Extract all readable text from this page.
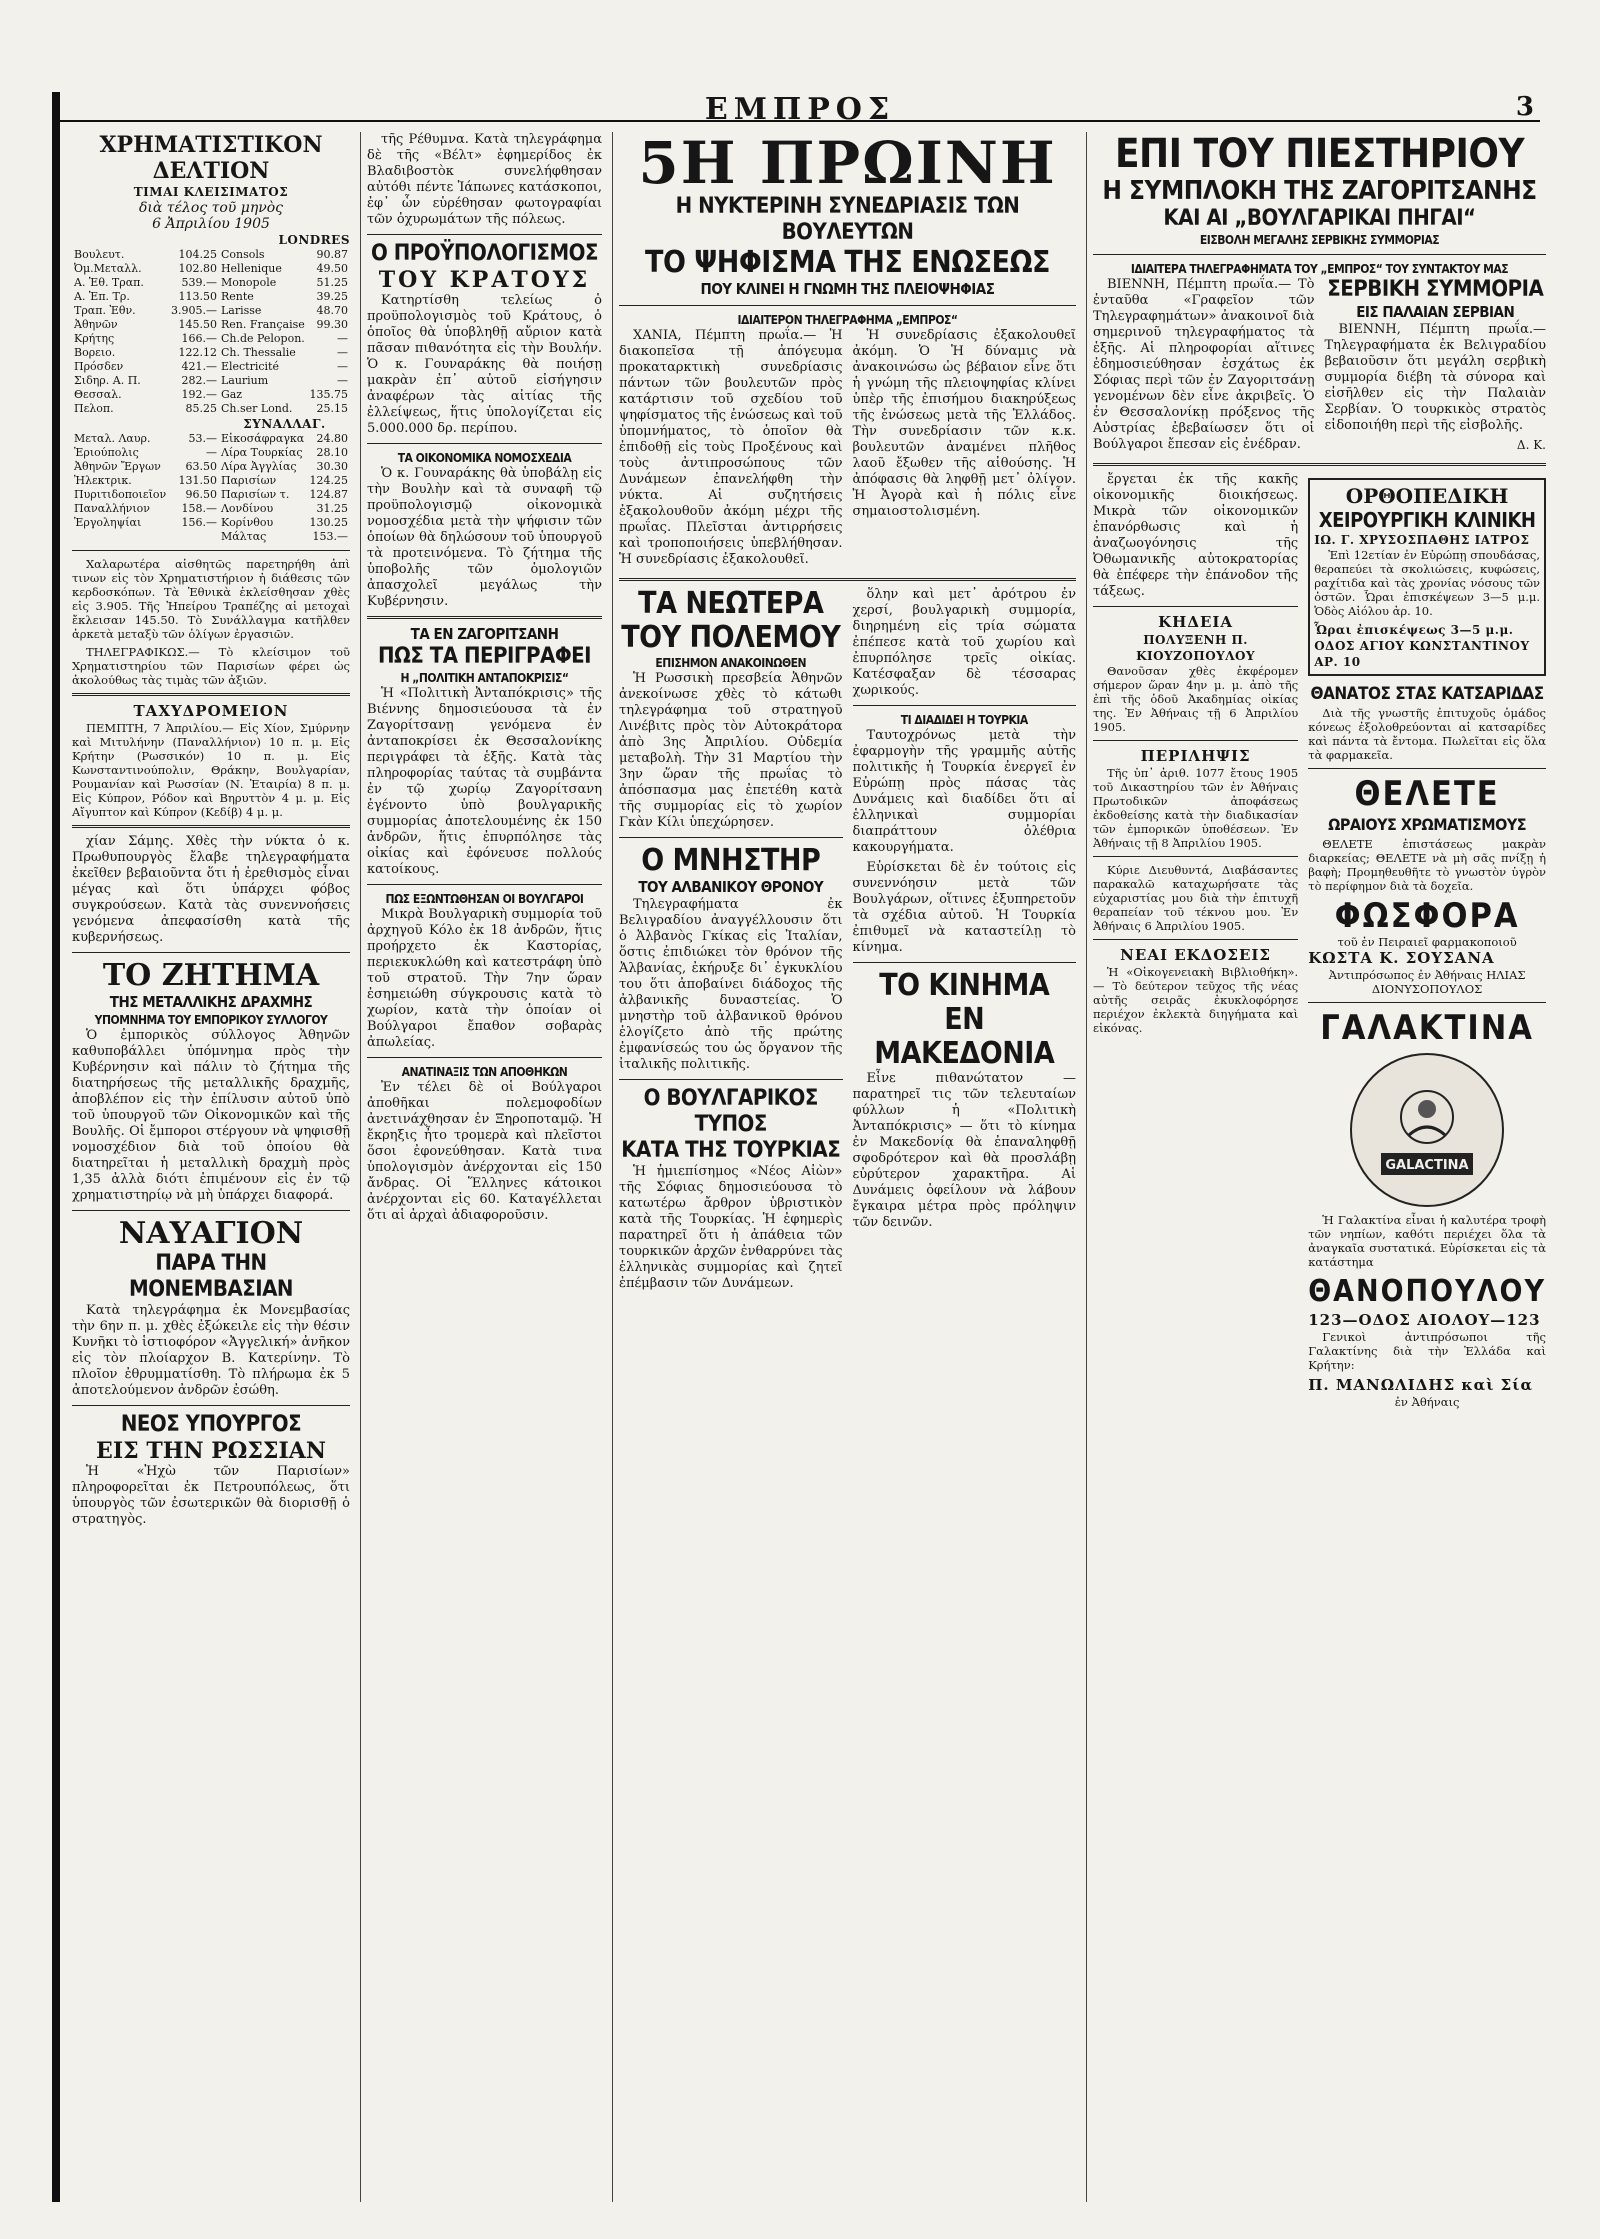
ΕΜΠΡΟΣ	3
ΧΡΗΜΑΤΙΣΤΙΚΟΝ ΔΕΛΤΙΟΝ
ΤΙΜΑΙ ΚΛΕΙΣΙΜΑΤΟΣ
διὰ τέλος τοῦ μηνὸς
6 Ἀπριλίου 1905
LONDRES
Βουλευτ.	104.25	Consols	90.87
Ὀμ.Μεταλλ.	102.80	Hellenique	49.50
Α. Ἐθ. Τραπ.	539.—	Monopole	51.25
Α. Ἐπ. Τρ.	113.50	Rente	39.25
Τραπ. Ἐθν.	3.905.—	Larisse	48.70
Ἀθηνῶν	145.50	Ren. Française	99.30
Κρήτης	166.—	Ch.de Pelopon.	—
Βορειο.	122.12	Ch. Thessalie	—
Πρόσδεν	421.—	Electricité	—
Σιδηρ. Α. Π.	282.—	Laurium	—
Θεσσαλ.	192.—	Gaz	135.75
Πελοπ.	85.25	Ch.ser Lond.	25.15
		ΣΥΝΑΛΛΑΓ.	
Μεταλ. Λαυρ.	53.—	Εἰκοσάφραγκα	24.80
Ἐριούπολις	—	Λίρα Τουρκίας	28.10
Ἀθηνῶν Ἔργων	63.50	Λίρα Ἀγγλίας	30.30
Ἠλεκτρικ.	131.50	Παρισίων	124.25
Πυριτιδοποιεῖον	96.50	Παρισίων τ.	124.87
Παναλλήνιον	158.—	Λονδίνου	31.25
Ἐργοληψίαι	156.—	Κορίνθου	130.25
		Μάλτας	153.—

Χαλαρωτέρα αἰσθητῶς παρετηρήθη ἀπὶ τινων εἰς τὸν Χρηματιστήριον ἡ διάθεσις τῶν κερδοσκόπων. Τὰ Ἐθνικὰ ἐκλείσθησαν χθὲς εἰς 3.905. Τῆς Ἠπείρου Τραπέζης αἱ μετοχαὶ ἔκλεισαν 145.50. Τὸ Συνάλλαγμα κατῆλθεν ἀρκετὰ μεταξὺ τῶν ὁλίγων ἐργασιῶν.

ΤΗΛΕΓΡΑΦΙΚΩΣ.— Τὸ κλείσιμον τοῦ Χρηματιστηρίου τῶν Παρισίων φέρει ὡς ἀκολούθως τὰς τιμὰς τῶν ἀξιῶν.

ΤΑΧΥΔΡΟΜΕΙΟΝ

ΠΕΜΠΤΗ, 7 Ἀπριλίου.— Εἰς Χίον, Σμύρνην καὶ Μιτυλήνην (Παναλλήνιον) 10 π. μ. Εἰς Κρήτην (Ρωσσικόν) 10 π. μ. Εἰς Κωνσταντινούπολιν, Θράκην, Βουλγαρίαν, Ρουμανίαν καὶ Ρωσσίαν (Ν. Ἑταιρία) 8 π. μ. Εἰς Κύπρον, Ρόδον καὶ Βηρυττὸν 4 μ. μ. Εἰς Αἴγυπτον καὶ Κύπρον (Κεδίβ) 4 μ. μ.

χίαν Σάμης. Χθὲς τὴν νύκτα ὁ κ. Πρωθυπουργὸς ἔλαβε τηλεγραφήματα ἐκεῖθεν βεβαιοῦντα ὅτι ἡ ἐρεθισμὸς εἶναι μέγας καὶ ὅτι ὑπάρχει φόβος συγκρούσεων. Κατὰ τὰς συνεννοήσεις γενόμενα ἀπεφασίσθη κατὰ τῆς κυβερνήσεως.

ΤΟ ΖΗΤΗΜΑ
ΤΗΣ ΜΕΤΑΛΛΙΚΗΣ ΔΡΑΧΜΗΣ
ΥΠΟΜΝΗΜΑ ΤΟΥ ΕΜΠΟΡΙΚΟΥ ΣΥΛΛΟΓΟΥ

Ὁ ἐμπορικὸς σύλλογος Ἀθηνῶν καθυποβάλλει ὑπόμνημα πρὸς τὴν Κυβέρνησιν καὶ πάλιν τὸ ζήτημα τῆς διατηρήσεως τῆς μεταλλικῆς δραχμῆς, ἀποβλέπον εἰς τὴν ἐπίλυσιν αὐτοῦ ὑπὸ τοῦ ὑπουργοῦ τῶν Οἰκονομικῶν καὶ τῆς Βουλῆς. Οἱ ἔμποροι στέργουν νὰ ψηφισθῇ νομοσχέδιον διὰ τοῦ ὁποίου θὰ διατηρεῖται ἡ μεταλλικὴ δραχμὴ πρὸς 1,35 ἀλλὰ διότι ἐπιμένουν εἰς ἐν τῷ χρηματιστηρίῳ νὰ μὴ ὑπάρχει διαφορά.

ΝΑΥΑΓΙΟΝ
ΠΑΡΑ ΤΗΝ ΜΟΝΕΜΒΑΣΙΑΝ

Κατὰ τηλεγράφημα ἐκ Μονεμβασίας τὴν 6ην π. μ. χθὲς ἐξώκειλε εἰς τὴν θέσιν Κυνῆκι τὸ ἱστιοφόρον «Ἀγγελική» ἀνῆκον εἰς τὸν πλοίαρχον Β. Κατερίνην. Τὸ πλοῖον ἐθρυμματίσθη. Τὸ πλήρωμα ἐκ 5 ἀποτελούμενον ἀνδρῶν ἐσώθη.

ΝΕΟΣ ΥΠΟΥΡΓΟΣ
ΕΙΣ ΤΗΝ ΡΩΣΣΙΑΝ

Ἡ «Ἠχὼ τῶν Παρισίων» πληροφορεῖται ἐκ Πετρουπόλεως, ὅτι ὑπουργὸς τῶν ἐσωτερικῶν θὰ διορισθῇ ὁ στρατηγὸς.

τῆς Ρέθυμνα. Κατὰ τηλεγράφημα δὲ τῆς «Βέλτ» ἐφημερίδος ἐκ Βλαδιβοστὸκ συνελήφθησαν αὐτόθι πέντε Ἰάπωνες κατάσκοποι, ἐφ᾽ ὧν εὑρέθησαν φωτογραφίαι τῶν ὀχυρωμάτων τῆς πόλεως.

Ο ΠΡΟΫΠΟΛΟΓΙΣΜΟΣ
ΤΟΥ ΚΡΑΤΟΥΣ

Κατηρτίσθη τελείως ὁ προϋπολογισμὸς τοῦ Κράτους, ὁ ὁποῖος θὰ ὑποβληθῇ αὔριον κατὰ πᾶσαν πιθανότητα εἰς τὴν Βουλήν. Ὁ κ. Γουναράκης θὰ ποιήσῃ μακρὰν ἐπ᾽ αὐτοῦ εἰσήγησιν ἀναφέρων τὰς αἰτίας τῆς ἐλλείψεως, ἥτις ὑπολογίζεται εἰς 5.000.000 δρ. περίπου.

ΤΑ ΟΙΚΟΝΟΜΙΚΑ ΝΟΜΟΣΧΕΔΙΑ

Ὁ κ. Γουναράκης θὰ ὑποβάλῃ εἰς τὴν Βουλὴν καὶ τὰ συναφῆ τῷ προϋπολογισμῷ οἰκονομικὰ νομοσχέδια μετὰ τὴν ψήφισιν τῶν ὁποίων θὰ δηλώσουν τοῦ ὑπουργοῦ τὰ προτεινόμενα. Τὸ ζήτημα τῆς ὑποβολῆς τῶν ὁμολογιῶν ἀπασχολεῖ μεγάλως τὴν Κυβέρνησιν.

ΤΑ ΕΝ ΖΑΓΟΡΙΤΣΑΝΗ
ΠΩΣ ΤΑ ΠΕΡΙΓΡΑΦΕΙ
Η „ΠΟΛΙΤΙΚΗ ΑΝΤΑΠΟΚΡΙΣΙΣ“

Ἡ «Πολιτικὴ Ἀνταπόκρισις» τῆς Βιέννης δημοσιεύουσα τὰ ἐν Ζαγορίτσανῃ γενόμενα ἐν ἀνταποκρίσει ἐκ Θεσσαλονίκης περιγράφει τὰ ἑξῆς. Κατὰ τὰς πληροφορίας ταύτας τὰ συμβάντα ἐν τῷ χωρίῳ Ζαγορίτσανη ἐγένοντο ὑπὸ βουλγαρικῆς συμμορίας ἀποτελουμένης ἐκ 150 ἀνδρῶν, ἥτις ἐπυρπόλησε τὰς οἰκίας καὶ ἐφόνευσε πολλούς κατοίκους.

ΠΩΣ ΕΞΩΝΤΩΘΗΣΑΝ ΟΙ ΒΟΥΛΓΑΡΟΙ

Μικρὰ Βουλγαρικὴ συμμορία τοῦ ἀρχηγοῦ Κόλο ἐκ 18 ἀνδρῶν, ἥτις προήρχετο ἐκ Καστορίας, περιεκυκλώθη καὶ κατεστράφη ὑπὸ τοῦ στρατοῦ. Τὴν 7ην ὥραν ἐσημειώθη σύγκρουσις κατὰ τὸ χωρίον, κατὰ τὴν ὁποίαν οἱ Βούλγαροι ἔπαθον σοβαρὰς ἀπωλείας.

ΑΝΑΤΙΝΑΞΙΣ ΤΩΝ ΑΠΟΘΗΚΩΝ

Ἐν τέλει δὲ οἱ Βούλγαροι ἀποθῆκαι πολεμοφοδίων ἀνετινάχθησαν ἐν Ξηροποταμῷ. Ἡ ἔκρηξις ἦτο τρομερὰ καὶ πλεῖστοι ὅσοι ἐφονεύθησαν. Κατὰ τινα ὑπολογισμὸν ἀνέρχονται εἰς 150 ἄνδρας. Οἱ Ἕλληνες κάτοικοι ἀνέρχονται εἰς 60. Καταγέλλεται ὅτι αἱ ἀρχαὶ ἀδιαφοροῦσιν.

5Η ΠΡΩΙΝΗ
Η ΝΥΚΤΕΡΙΝΗ ΣΥΝΕΔΡΙΑΣΙΣ ΤΩΝ ΒΟΥΛΕΥΤΩΝ
ΤΟ ΨΗΦΙΣΜΑ ΤΗΣ ΕΝΩΣΕΩΣ
ΠΟΥ ΚΛΙΝΕΙ Η ΓΝΩΜΗ ΤΗΣ ΠΛΕΙΟΨΗΦΙΑΣ
ΙΔΙΑΙΤΕΡΟΝ ΤΗΛΕΓΡΑΦΗΜΑ „ΕΜΠΡΟΣ“

ΧΑΝΙΑ, Πέμπτη πρωΐα.— Ἡ διακοπεῖσα τῇ ἀπόγευμα προκαταρκτικὴ συνεδρίασις πάντων τῶν βουλευτῶν πρὸς κατάρτισιν τοῦ σχεδίου τοῦ ψηφίσματος τῆς ἐνώσεως καὶ τοῦ ὑπομνήματος, τὸ ὁποῖον θὰ ἐπιδοθῇ εἰς τοὺς Προξένους καὶ τοὺς ἀντιπροσώπους τῶν Δυνάμεων ἐπανελήφθη τὴν νύκτα. Αἱ συζητήσεις ἐξακολουθοῦν ἀκόμη μέχρι τῆς πρωΐας. Πλεῖσται ἀντιρρήσεις καὶ τροποποιήσεις ὑπεβλήθησαν. Ἡ συνεδρίασις ἐξακολουθεῖ.

Ἡ συνεδρίασις ἐξακολουθεῖ ἀκόμη. Ὁ Ἡ δύναμις νὰ ἀνακοινώσω ὡς βέβαιον εἶνε ὅτι ἡ γνώμη τῆς πλειοψηφίας κλίνει ὑπὲρ τῆς ἐπισήμου διακηρύξεως τῆς ἐνώσεως μετὰ τῆς Ἑλλάδος. Τὴν συνεδρίασιν τῶν κ.κ. βουλευτῶν ἀναμένει πλῆθος λαοῦ ἔξωθεν τῆς αἰθούσης. Ἡ ἀπόφασις θὰ ληφθῇ μετ᾽ ὀλίγον. Ἡ Ἀγορὰ καὶ ἡ πόλις εἶνε σημαιοστολισμένη.

ΤΑ ΝΕΩΤΕΡΑ
ΤΟΥ ΠΟΛΕΜΟΥ
ΕΠΙΣΗΜΟΝ ΑΝΑΚΟΙΝΩΘΕΝ

Ἡ Ρωσσικὴ πρεσβεία Ἀθηνῶν ἀνεκοίνωσε χθὲς τὸ κάτωθι τηλεγράφημα τοῦ στρατηγοῦ Λινέβιτς πρὸς τὸν Αὐτοκράτορα ἀπὸ 3ης Ἀπριλίου. Οὐδεμία μεταβολὴ. Τὴν 31 Μαρτίου τὴν 3ην ὥραν τῆς πρωΐας τὸ ἀπόσπασμα μας ἐπετέθη κατὰ τῆς συμμορίας εἰς τὸ χωρίον Γκὰν Κίλι ὑπεχώρησεν.

Ο ΜΝΗΣΤΗΡ
ΤΟΥ ΑΛΒΑΝΙΚΟΥ ΘΡΟΝΟΥ

Τηλεγραφήματα ἐκ Βελιγραδίου ἀναγγέλλουσιν ὅτι ὁ Ἀλβανὸς Γκίκας εἰς Ἰταλίαν, ὅστις ἐπιδιώκει τὸν θρόνον τῆς Ἀλβανίας, ἐκήρυξε δι᾽ ἐγκυκλίου του ὅτι ἀποβαίνει διάδοχος τῆς ἀλβανικῆς δυναστείας. Ὁ μνηστὴρ τοῦ ἀλβανικοῦ θρόνου ἐλογίζετο ἀπὸ τῆς πρώτης ἐμφανίσεώς του ὡς ὄργανον τῆς ἰταλικῆς πολιτικῆς.

Ο ΒΟΥΛΓΑΡΙΚΟΣ ΤΥΠΟΣ
ΚΑΤΑ ΤΗΣ ΤΟΥΡΚΙΑΣ

Ἡ ἡμιεπίσημος «Νέος Αἰὼν» τῆς Σόφιας δημοσιεύουσα τὸ κατωτέρω ἄρθρον ὑβριστικὸν κατὰ τῆς Τουρκίας. Ἡ ἐφημερὶς παρατηρεῖ ὅτι ἡ ἀπάθεια τῶν τουρκικῶν ἀρχῶν ἐνθαρρύνει τὰς ἑλληνικὰς συμμορίας καὶ ζητεῖ ἐπέμβασιν τῶν Δυνάμεων.

ὅλην καὶ μετ᾽ ἀρότρου ἐν χερσί, βουλγαρικὴ συμμορία, διηρημένη εἰς τρία σώματα ἐπέπεσε κατὰ τοῦ χωρίου καὶ ἐπυρπόλησε τρεῖς οἰκίας. Κατέσφαξαν δὲ τέσσαρας χωρικούς.

ΤΙ ΔΙΑΔΙΔΕΙ Η ΤΟΥΡΚΙΑ

Ταυτοχρόνως μετὰ τὴν ἐφαρμογὴν τῆς γραμμῆς αὐτῆς πολιτικῆς ἡ Τουρκία ἐνεργεῖ ἐν Εὐρώπῃ πρὸς πάσας τὰς Δυνάμεις καὶ διαδίδει ὅτι αἱ ἑλληνικαὶ συμμορίαι διαπράττουν ὀλέθρια κακουργήματα.

Εὑρίσκεται δὲ ἐν τούτοις εἰς συνεννόησιν μετὰ τῶν Βουλγάρων, οἵτινες ἐξυπηρετοῦν τὰ σχέδια αὐτοῦ. Ἡ Τουρκία ἐπιθυμεῖ νὰ καταστείλῃ τὸ κίνημα.

ΤΟ ΚΙΝΗΜΑ
ΕΝ ΜΑΚΕΔΟΝΙΑ

Εἶνε πιθανώτατον — παρατηρεῖ τις τῶν τελευταίων φύλλων ἡ «Πολιτικὴ Ἀνταπόκρισις» — ὅτι τὸ κίνημα ἐν Μακεδονίᾳ θὰ ἐπαναληφθῇ σφοδρότερον καὶ θὰ προσλάβῃ εὐρύτερον χαρακτῆρα. Αἱ Δυνάμεις ὀφείλουν νὰ λάβουν ἔγκαιρα μέτρα πρὸς πρόληψιν τῶν δεινῶν.

ΕΠΙ ΤΟΥ ΠΙΕΣΤΗΡΙΟΥ
Η ΣΥΜΠΛΟΚΗ ΤΗΣ ΖΑΓΟΡΙΤΣΑΝΗΣ
ΚΑΙ ΑΙ „ΒΟΥΛΓΑΡΙΚΑΙ ΠΗΓΑΙ“
ΕΙΣΒΟΛΗ ΜΕΓΑΛΗΣ ΣΕΡΒΙΚΗΣ ΣΥΜΜΟΡΙΑΣ
ΙΔΙΑΙΤΕΡΑ ΤΗΛΕΓΡΑΦΗΜΑΤΑ ΤΟΥ „ΕΜΠΡΟΣ“ ΤΟΥ ΣΥΝΤΑΚΤΟΥ ΜΑΣ

ΒΙΕΝΝΗ, Πέμπτη πρωΐα.— Τὸ ἐνταῦθα «Γραφεῖον τῶν Τηλεγραφημάτων» ἀνακοινοῖ διὰ σημερινοῦ τηλεγραφήματος τὰ ἑξῆς. Αἱ πληροφορίαι αἵτινες ἐδημοσιεύθησαν ἐσχάτως ἐκ Σόφιας περὶ τῶν ἐν Ζαγοριτσάνῃ γενομένων δὲν εἶνε ἀκριβεῖς. Ὁ ἐν Θεσσαλονίκῃ πρόξενος τῆς Αὐστρίας ἐβεβαίωσεν ὅτι οἱ Βούλγαροι ἔπεσαν εἰς ἐνέδραν.

ΣΕΡΒΙΚΗ ΣΥΜΜΟΡΙΑ
ΕΙΣ ΠΑΛΑΙΑΝ ΣΕΡΒΙΑΝ

ΒΙΕΝΝΗ, Πέμπτη πρωΐα.— Τηλεγραφήματα ἐκ Βελιγραδίου βεβαιοῦσιν ὅτι μεγάλη σερβικὴ συμμορία διέβη τὰ σύνορα καὶ εἰσῆλθεν εἰς τὴν Παλαιὰν Σερβίαν. Ὁ τουρκικὸς στρατὸς εἰδοποιήθη περὶ τῆς εἰσβολῆς.

Δ. Κ.

ἔργεται ἐκ τῆς κακῆς οἰκονομικῆς διοικήσεως. Μικρὰ τῶν οἰκονομικῶν ἐπανόρθωσις καὶ ἡ ἀναζωογόνησις τῆς Ὀθωμανικῆς αὐτοκρατορίας θὰ ἐπέφερε τὴν ἐπάνοδον τῆς τάξεως.

ΚΗΔΕΙΑ
ΠΟΛΥΞΕΝΗ Π. ΚΙΟΥΖΟΠΟΥΛΟΥ

Θανοῦσαν χθὲς ἐκφέρομεν σήμερον ὥραν 4ην μ. μ. ἀπὸ τῆς ἐπὶ τῆς ὁδοῦ Ἀκαδημίας οἰκίας της. Ἐν Ἀθήναις τῇ 6 Ἀπριλίου 1905.

ΠΕΡΙΛΗΨΙΣ

Τῆς ὑπ᾽ ἀριθ. 1077 ἔτους 1905 τοῦ Δικαστηρίου τῶν ἐν Ἀθήναις Πρωτοδικῶν ἀποφάσεως ἐκδοθείσης κατὰ τὴν διαδικασίαν τῶν ἐμπορικῶν ὑποθέσεων. Ἐν Ἀθήναις τῇ 8 Ἀπριλίου 1905.

Κύριε Διευθυντά, Διαβάσαντες παρακαλῶ καταχωρήσατε τὰς εὐχαριστίας μου διὰ τὴν ἐπιτυχῆ θεραπείαν τοῦ τέκνου μου. Ἐν Ἀθήναις 6 Ἀπριλίου 1905.

ΝΕΑΙ ΕΚΔΟΣΕΙΣ

Ἡ «Οἰκογενειακὴ Βιβλιοθήκη».— Τὸ δεύτερον τεῦχος τῆς νέας αὐτῆς σειρᾶς ἐκυκλοφόρησε περιέχον ἐκλεκτὰ διηγήματα καὶ εἰκόνας.

ΟΡΘΟΠΕΔΙΚΗ
ΧΕΙΡΟΥΡΓΙΚΗ ΚΛΙΝΙΚΗ
ΙΩ. Γ. ΧΡΥΣΟΣΠΑΘΗΣ ΙΑΤΡΟΣ

Ἐπὶ 12ετίαν ἐν Εὐρώπῃ σπουδάσας, θεραπεύει τὰ σκολιώσεις, κυφώσεις, ραχίτιδα καὶ τὰς χρονίας νόσους τῶν ὀστῶν. Ὧραι ἐπισκέψεων 3—5 μ.μ. Ὁδὸς Αἰόλου ἀρ. 10.

Ὧραι ἐπισκέψεως 3—5 μ.μ.
ΟΔΟΣ ΑΓΙΟΥ ΚΩΝΣΤΑΝΤΙΝΟΥ ΑΡ. 10
ΘΑΝΑΤΟΣ ΣΤΑΣ ΚΑΤΣΑΡΙΔΑΣ

Διὰ τῆς γνωστῆς ἐπιτυχοῦς ὁμάδος κόνεως ἐξολοθρεύονται αἱ κατσαρίδες καὶ πάντα τὰ ἔντομα. Πωλεῖται εἰς ὅλα τὰ φαρμακεῖα.

ΘΕΛΕΤΕ
ΩΡΑΙΟΥΣ ΧΡΩΜΑΤΙΣΜΟΥΣ

ΘΕΛΕΤΕ ἐπιστάσεως μακρὰν διαρκείας; ΘΕΛΕΤΕ νὰ μὴ σᾶς πνίξῃ ἡ βαφὴ; Προμηθευθῆτε τὸ γνωστὸν ὑγρὸν τὸ περίφημον διὰ τὰ δοχεῖα.

ΦΩΣΦΟΡΑ
τοῦ ἐν Πειραιεῖ φαρμακοποιοῦ
ΚΩΣΤΑ Κ. ΣΟΥΣΑΝΑ
Ἀντιπρόσωπος ἐν Ἀθήναις ΗΛΙΑΣ ΔΙΟΝΥΣΟΠΟΥΛΟΣ
ΓΑΛΑΚΤΙΝΑ
GALACTINA

Ἡ Γαλακτίνα εἶναι ἡ καλυτέρα τροφὴ τῶν νηπίων, καθότι περιέχει ὅλα τὰ ἀναγκαῖα συστατικά. Εὑρίσκεται εἰς τὰ κατάστημα

ΘΑΝΟΠΟΥΛΟΥ
123—ΟΔΟΣ ΑΙΟΛΟΥ—123

Γενικοὶ ἀντιπρόσωποι τῆς Γαλακτίνης διὰ τὴν Ἑλλάδα καὶ Κρήτην:

Π. ΜΑΝΩΛΙΔΗΣ καὶ Σία
ἐν Ἀθήναις
